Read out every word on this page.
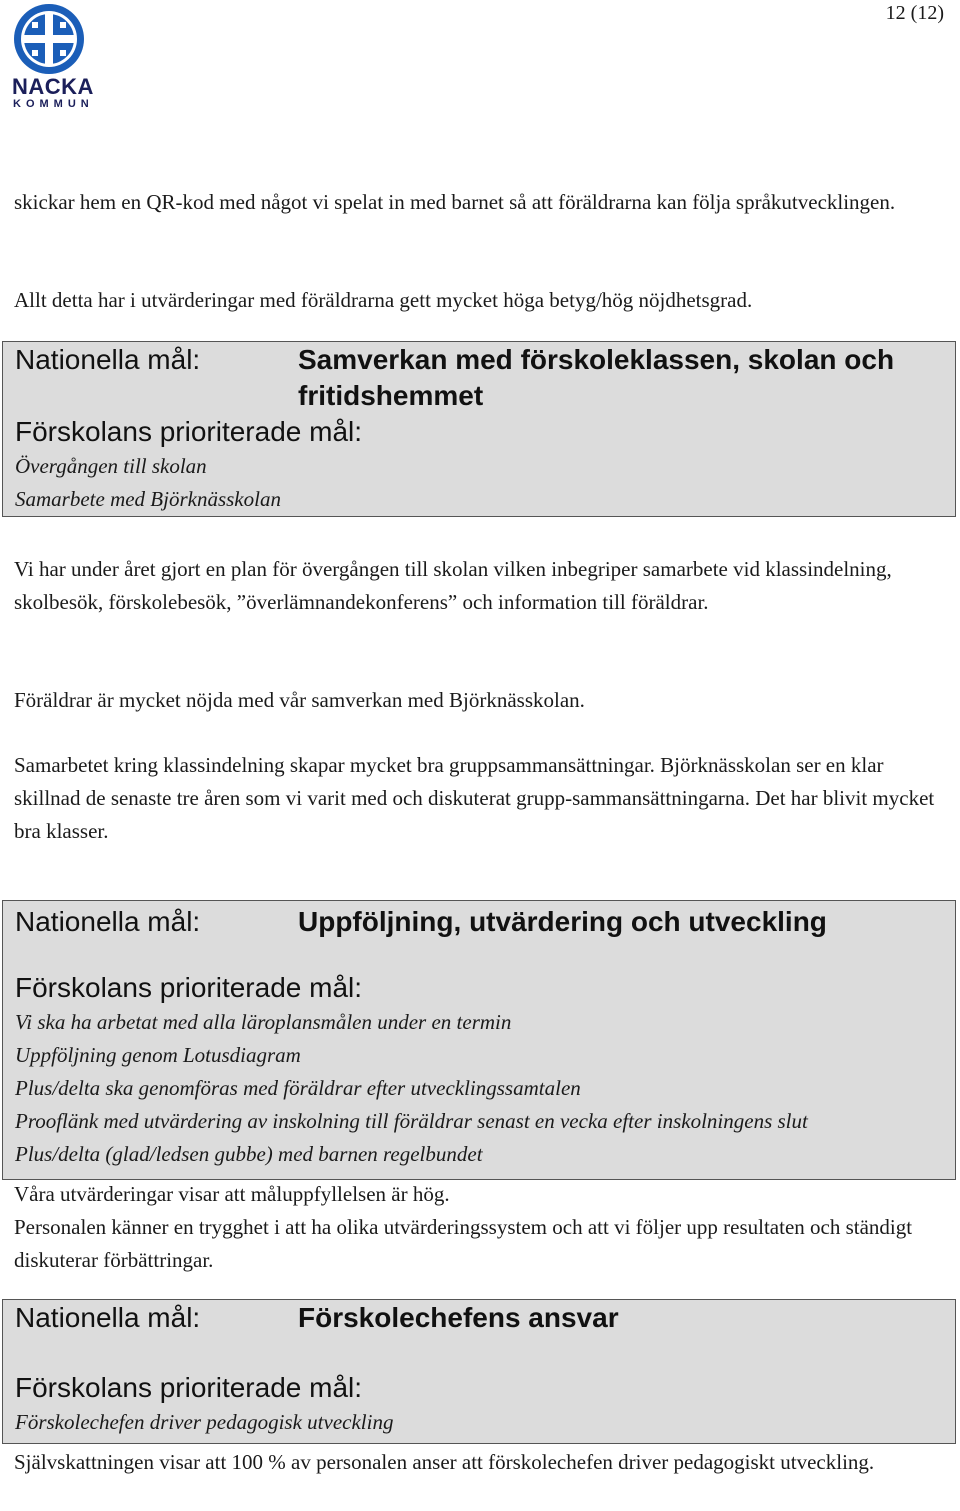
12 (12)
NACKA
KOMMUN

skickar hem en QR-kod med något vi spelat in med barnet så att föräldrarna kan följa språkutvecklingen.

Allt detta har i utvärderingar med föräldrarna gett mycket höga betyg/hög nöjdhetsgrad.

Nationella mål:	Samverkan med förskoleklassen, skolan och fritidshemmet
Förskolans prioriterade mål:
Övergången till skolan
Samarbete med Björknässkolan

Vi har under året gjort en plan för övergången till skolan vilken inbegriper samarbete vid klassindelning, skolbesök, förskolebesök, ”överlämnandekonferens” och information till föräldrar.

Föräldrar är mycket nöjda med vår samverkan med Björknässkolan.

Samarbetet kring klassindelning skapar mycket bra gruppsammansättningar. Björknässkolan ser en klar skillnad de senaste tre åren som vi varit med och diskuterat grupp-sammansättningarna. Det har blivit mycket bra klasser.

Nationella mål:	Uppföljning, utvärdering och utveckling
Förskolans prioriterade mål:
Vi ska ha arbetat med alla läroplansmålen under en termin
Uppföljning genom Lotusdiagram
Plus/delta ska genomföras med föräldrar efter utvecklingssamtalen
Prooflänk med utvärdering av inskolning till föräldrar senast en vecka efter inskolningens slut
Plus/delta (glad/ledsen gubbe) med barnen regelbundet
Våra utvärderingar visar att måluppfyllelsen är hög.
Personalen känner en trygghet i att ha olika utvärderingssystem och att vi följer upp resultaten och ständigt diskuterar förbättringar.
Nationella mål:	Förskolechefens ansvar
Förskolans prioriterade mål:
Förskolechefen driver pedagogisk utveckling
Självskattningen visar att 100 % av personalen anser att förskolechefen driver pedagogiskt utveckling.
